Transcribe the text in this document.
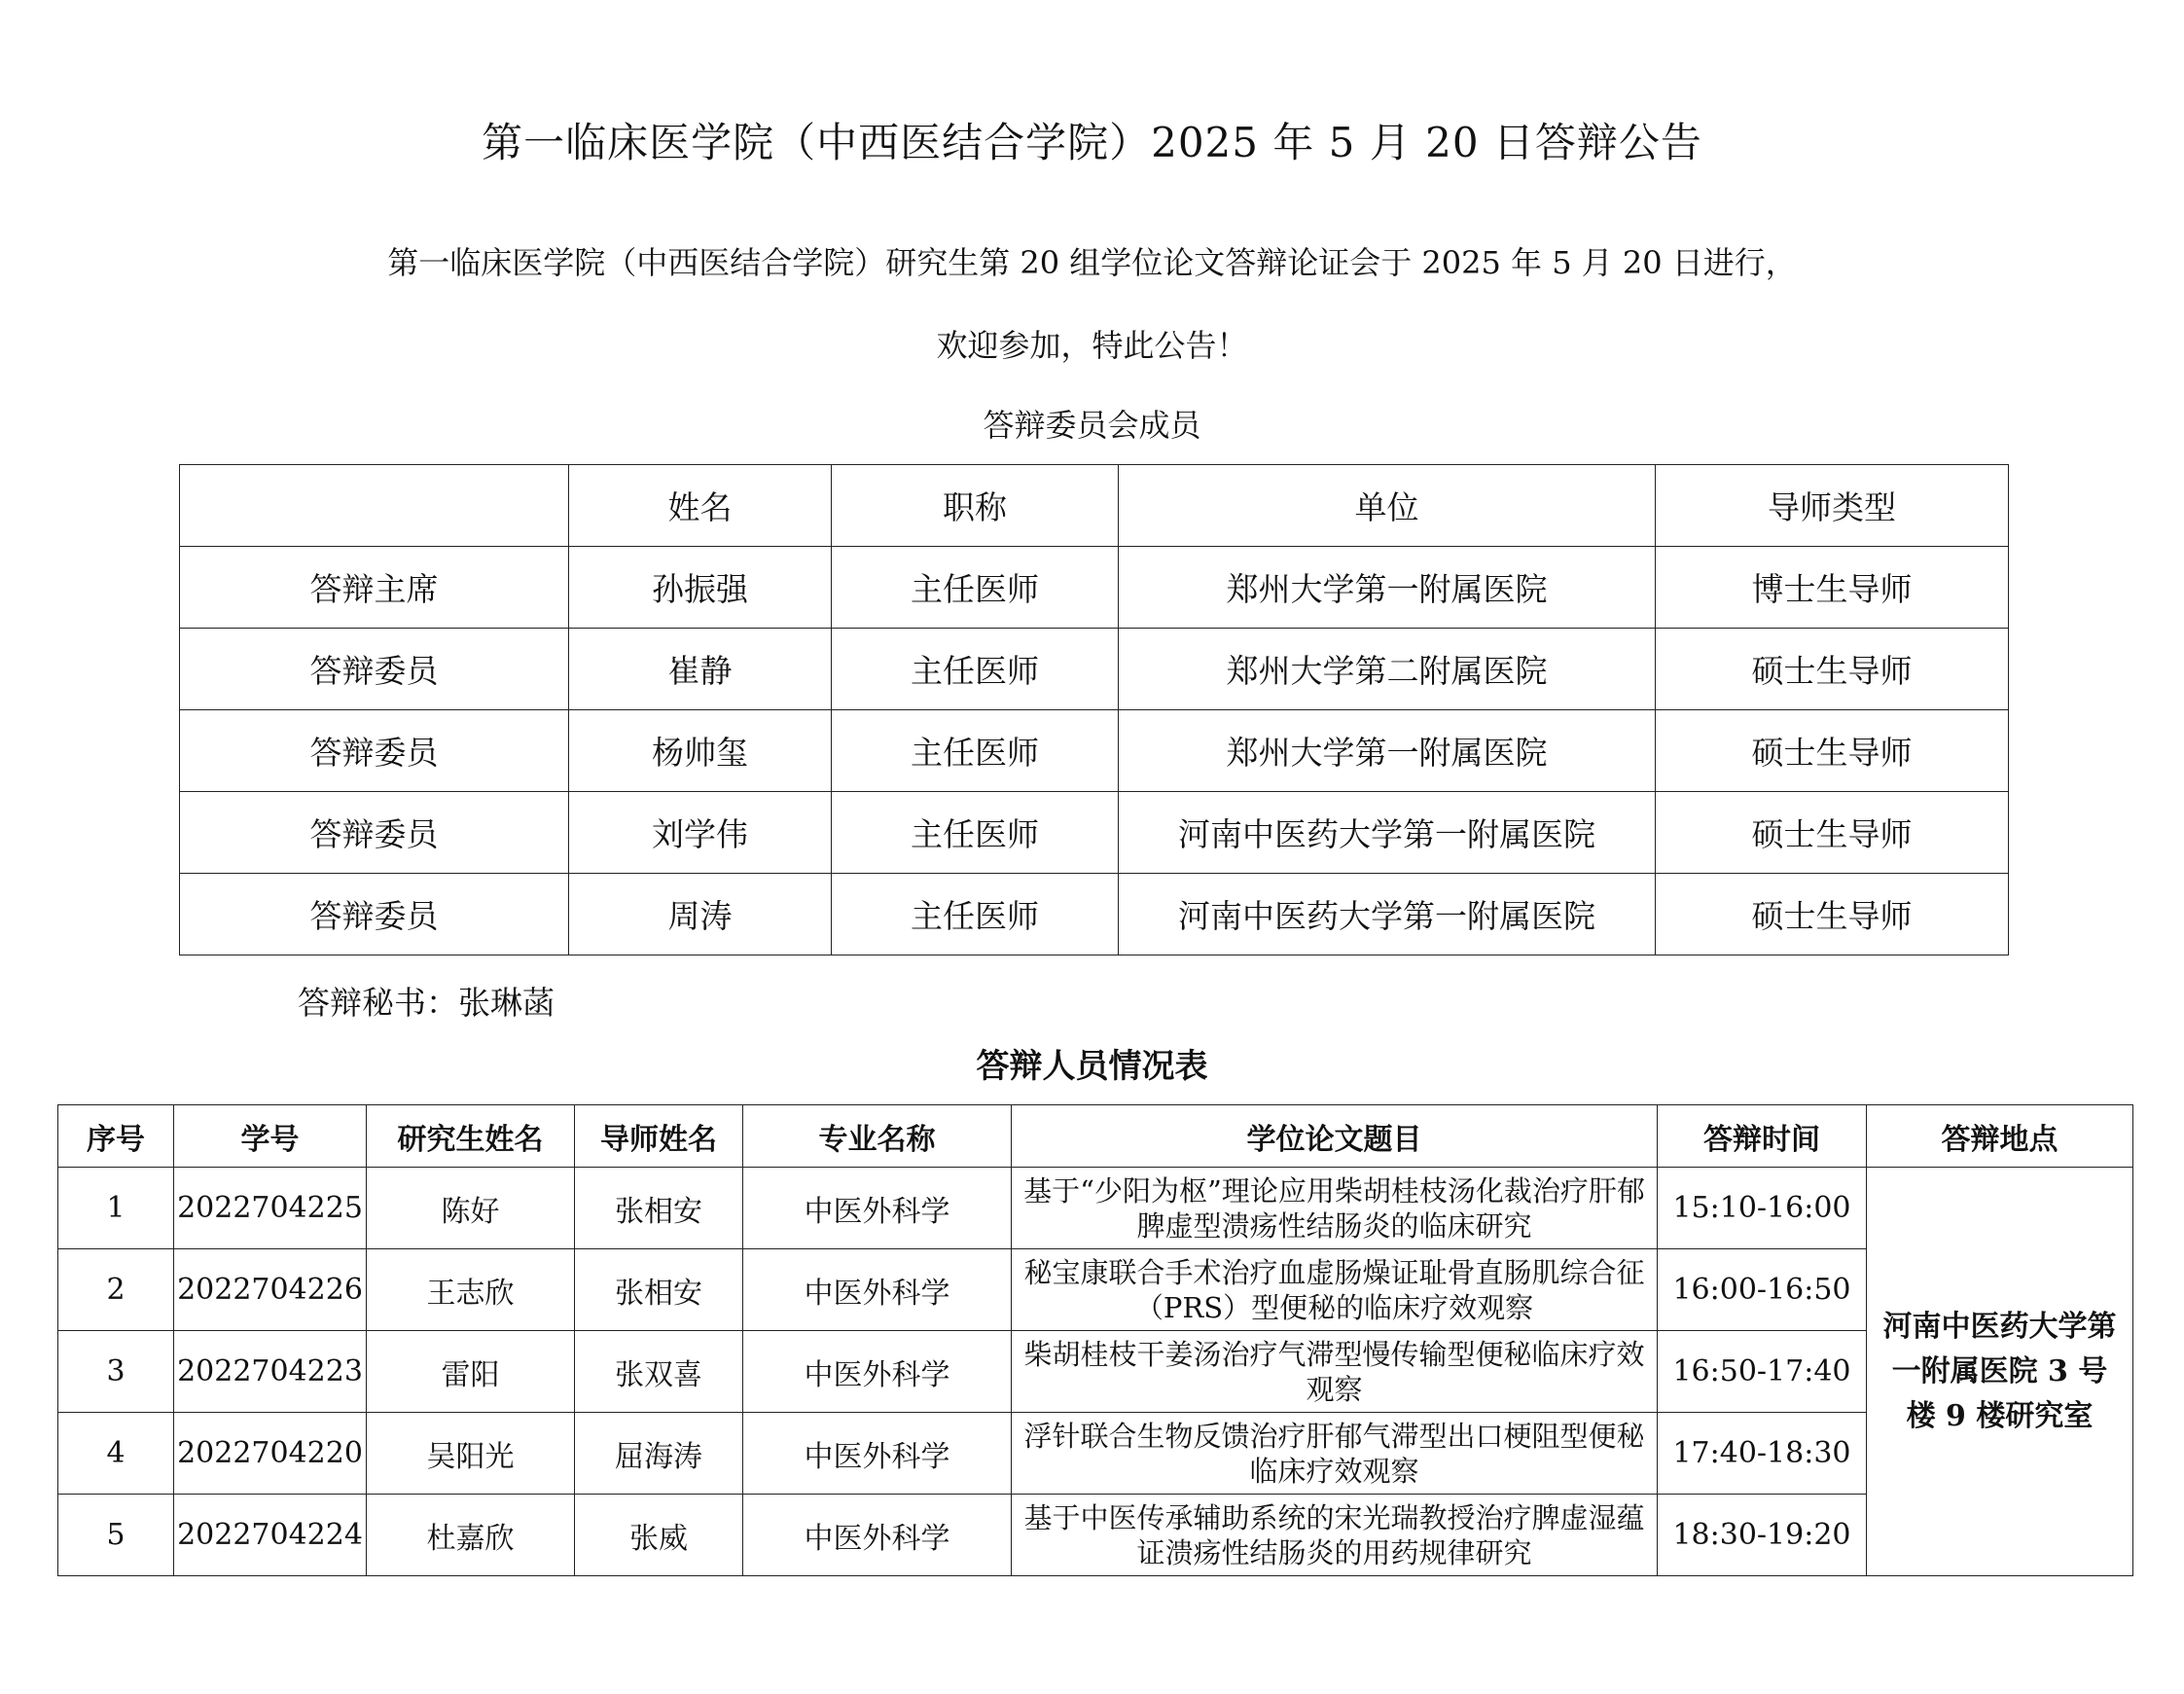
第一临床医学院（中西医结合学院）2025 年 5 月 20 日答辩公告
第一临床医学院（中西医结合学院）研究生第 20 组学位论文答辩论证会于 2025 年 5 月 20 日进行，
欢迎参加，特此公告！
答辩委员会成员
	姓名	职称	单位	导师类型
答辩主席	孙振强	主任医师	郑州大学第一附属医院	博士生导师
答辩委员	崔静	主任医师	郑州大学第二附属医院	硕士生导师
答辩委员	杨帅玺	主任医师	郑州大学第一附属医院	硕士生导师
答辩委员	刘学伟	主任医师	河南中医药大学第一附属医院	硕士生导师
答辩委员	周涛	主任医师	河南中医药大学第一附属医院	硕士生导师
答辩秘书：张琳菡
答辩人员情况表
序号	学号	研究生姓名	导师姓名	专业名称	学位论文题目	答辩时间	答辩地点
1	2022704225	陈好	张相安	中医外科学	基于“少阳为枢”理论应用柴胡桂枝汤化裁治疗肝郁脾虚型溃疡性结肠炎的临床研究	15:10-16:00	河南中医药大学第一附属医院 3 号楼 9 楼研究室
2	2022704226	王志欣	张相安	中医外科学	秘宝康联合手术治疗血虚肠燥证耻骨直肠肌综合征（PRS）型便秘的临床疗效观察	16:00-16:50	
3	2022704223	雷阳	张双喜	中医外科学	柴胡桂枝干姜汤治疗气滞型慢传输型便秘临床疗效观察	16:50-17:40	
4	2022704220	吴阳光	屈海涛	中医外科学	浮针联合生物反馈治疗肝郁气滞型出口梗阻型便秘临床疗效观察	17:40-18:30	
5	2022704224	杜嘉欣	张威	中医外科学	基于中医传承辅助系统的宋光瑞教授治疗脾虚湿蕴证溃疡性结肠炎的用药规律研究	18:30-19:20	
